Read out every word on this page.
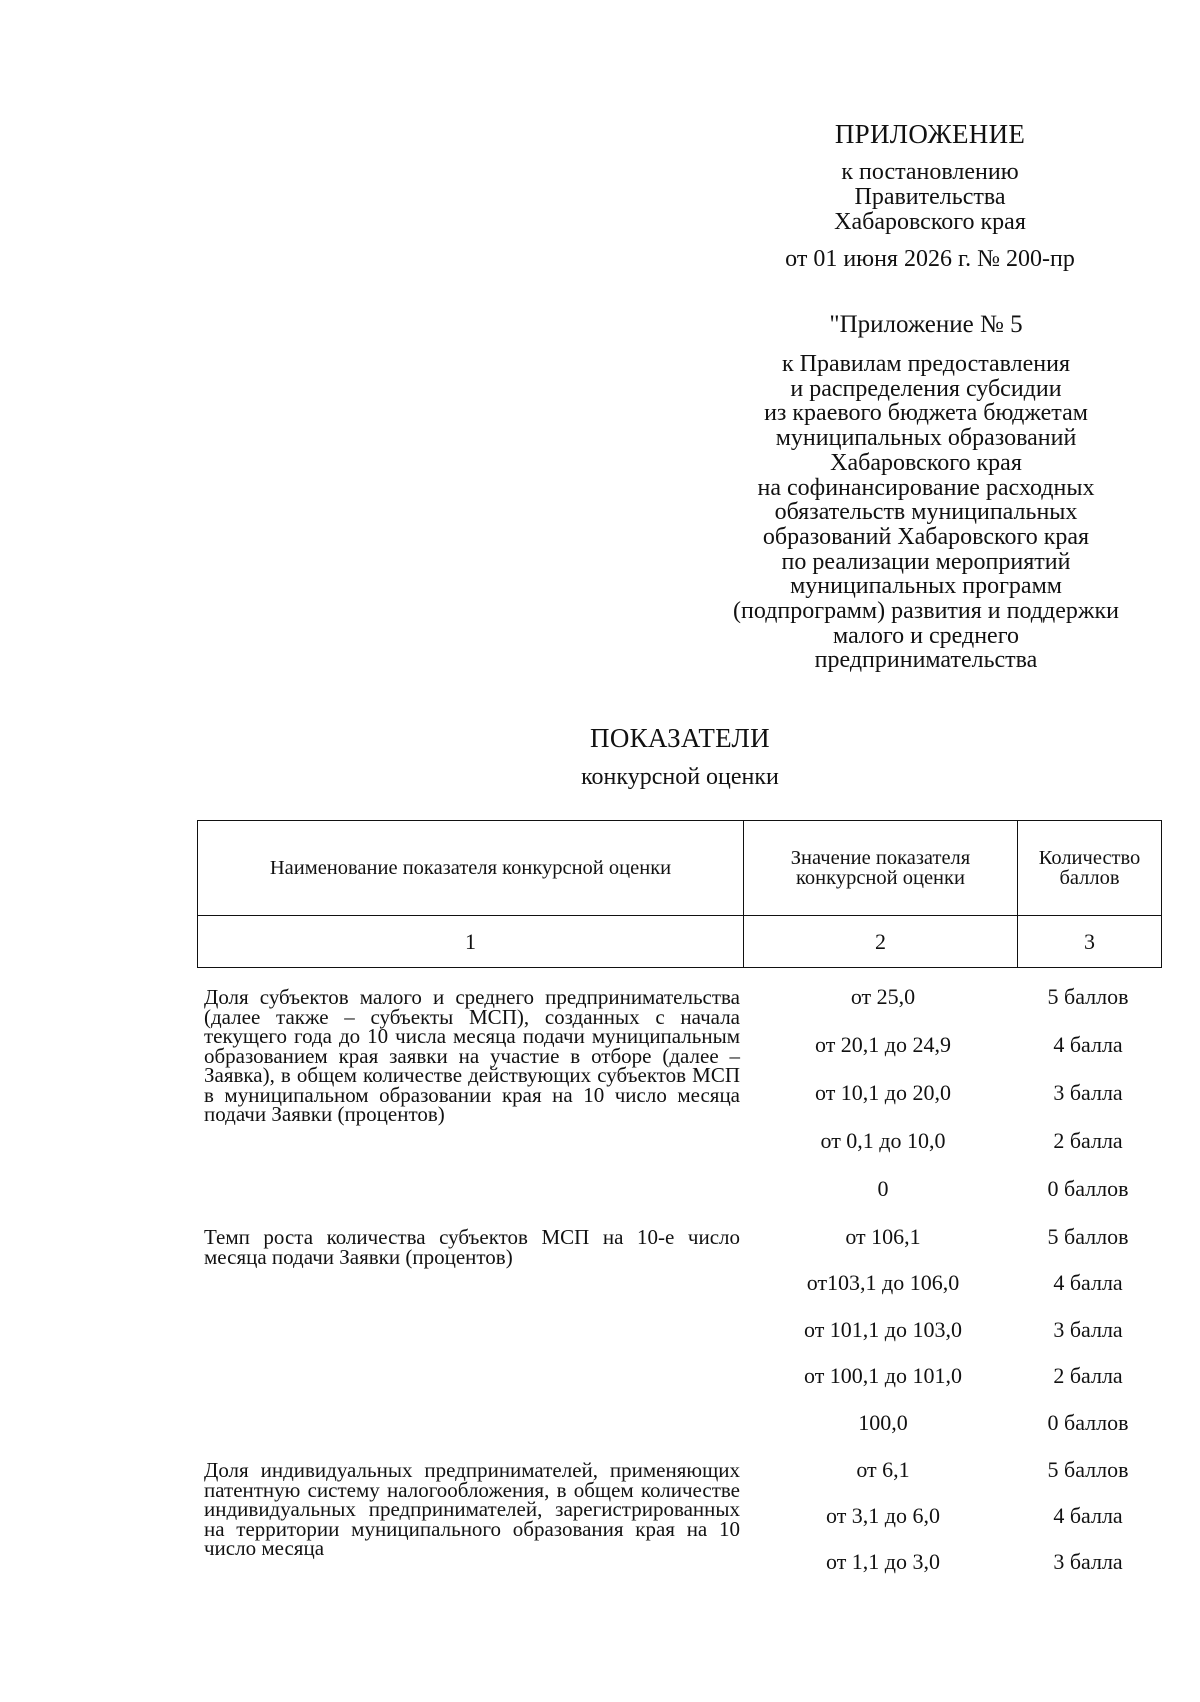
ПРИЛОЖЕНИЕ
к постановлению
Правительства
Хабаровского края
от 01 июня 2026 г. № 200-пр
"Приложение № 5
к Правилам предоставления
и распределения субсидии
из краевого бюджета бюджетам
муниципальных образований
Хабаровского края
на софинансирование расходных
обязательств муниципальных
образований Хабаровского края
по реализации мероприятий
муниципальных программ
(подпрограмм) развития и поддержки
малого и среднего
предпринимательства
ПОКАЗАТЕЛИ
конкурсной оценки
Наименование показателя конкурсной оценки	Значение показателя конкурсной оценки	Количество баллов
1	2	3
Доля субъектов малого и среднего предпринимательства (далее также – субъекты МСП), созданных с начала текущего года до 10 числа месяца подачи муниципальным образованием края заявки на участие в отборе (далее – Заявка), в общем количестве действующих субъектов МСП в муниципальном образовании края на 10 число месяца подачи Заявки (процентов)
от 25,0	5 баллов
от 20,1 до 24,9	4 балла
от 10,1 до 20,0	3 балла
от 0,1 до 10,0	2 балла
0	0 баллов
Темп роста количества субъектов МСП на 10-е число месяца подачи Заявки (процентов)
от 106,1	5 баллов
от103,1 до 106,0	4 балла
от 101,1 до 103,0	3 балла
от 100,1 до 101,0	2 балла
100,0	0 баллов
Доля индивидуальных предпринимателей, применяющих патентную систему налогообложения, в общем количестве индивидуальных предпринимателей, зарегистрированных на территории муниципального образования края на 10 число месяца
от 6,1	5 баллов
от 3,1 до 6,0	4 балла
от 1,1 до 3,0	3 балла
